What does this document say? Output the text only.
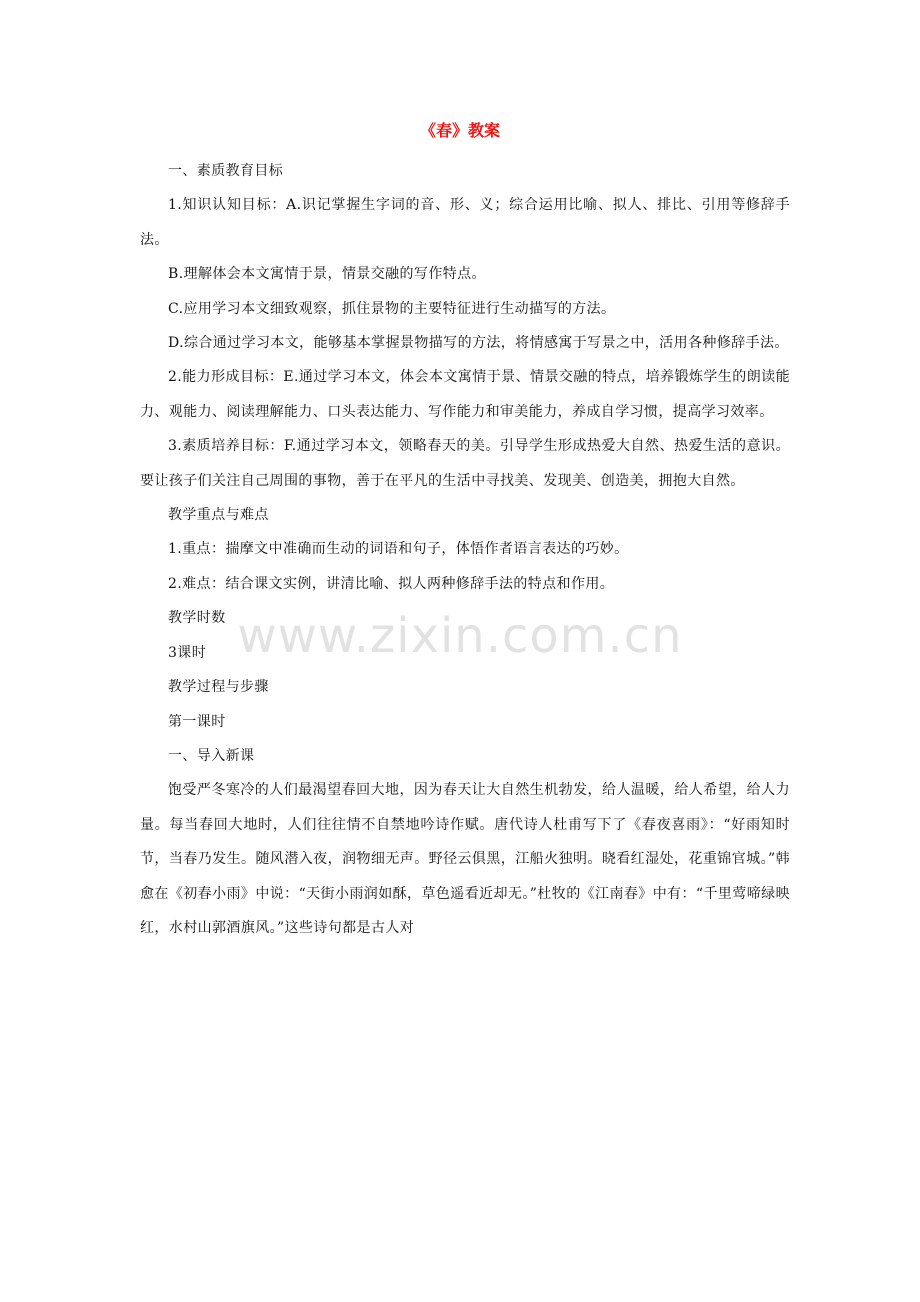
《春》教案

一、素质教育目标

1.知识认知目标：A.识记掌握生字词的音、形、义；综合运用比喻、拟人、排比、引用等修辞手法。

B.理解体会本文寓情于景，情景交融的写作特点。

C.应用学习本文细致观察，抓住景物的主要特征进行生动描写的方法。

D.综合通过学习本文，能够基本掌握景物描写的方法，将情感寓于写景之中，活用各种修辞手法。

2.能力形成目标：E.通过学习本文，体会本文寓情于景、情景交融的特点，培养锻炼学生的朗读能力、观能力、阅读理解能力、口头表达能力、写作能力和审美能力，养成自学习惯，提高学习效率。

3.素质培养目标：F.通过学习本文，领略春天的美。引导学生形成热爱大自然、热爱生活的意识。要让孩子们关注自己周围的事物，善于在平凡的生活中寻找美、发现美、创造美，拥抱大自然。

教学重点与难点

1.重点：揣摩文中准确而生动的词语和句子，体悟作者语言表达的巧妙。

2.难点：结合课文实例，讲清比喻、拟人两种修辞手法的特点和作用。

教学时数

3课时

教学过程与步骤

第一课时

一、导入新课

饱受严冬寒冷的人们最渴望春回大地，因为春天让大自然生机勃发，给人温暖，给人希望，给人力量。每当春回大地时，人们往往情不自禁地吟诗作赋。唐代诗人杜甫写下了《春夜喜雨》：“好雨知时节，当春乃发生。随风潜入夜，润物细无声。野径云俱黑，江船火独明。晓看红湿处，花重锦官城。”韩愈在《初春小雨》中说：“天街小雨润如酥，草色遥看近却无。”杜牧的《江南春》中有：“千里莺啼绿映红，水村山郭酒旗风。”这些诗句都是古人对

www.zixin.com.cn
